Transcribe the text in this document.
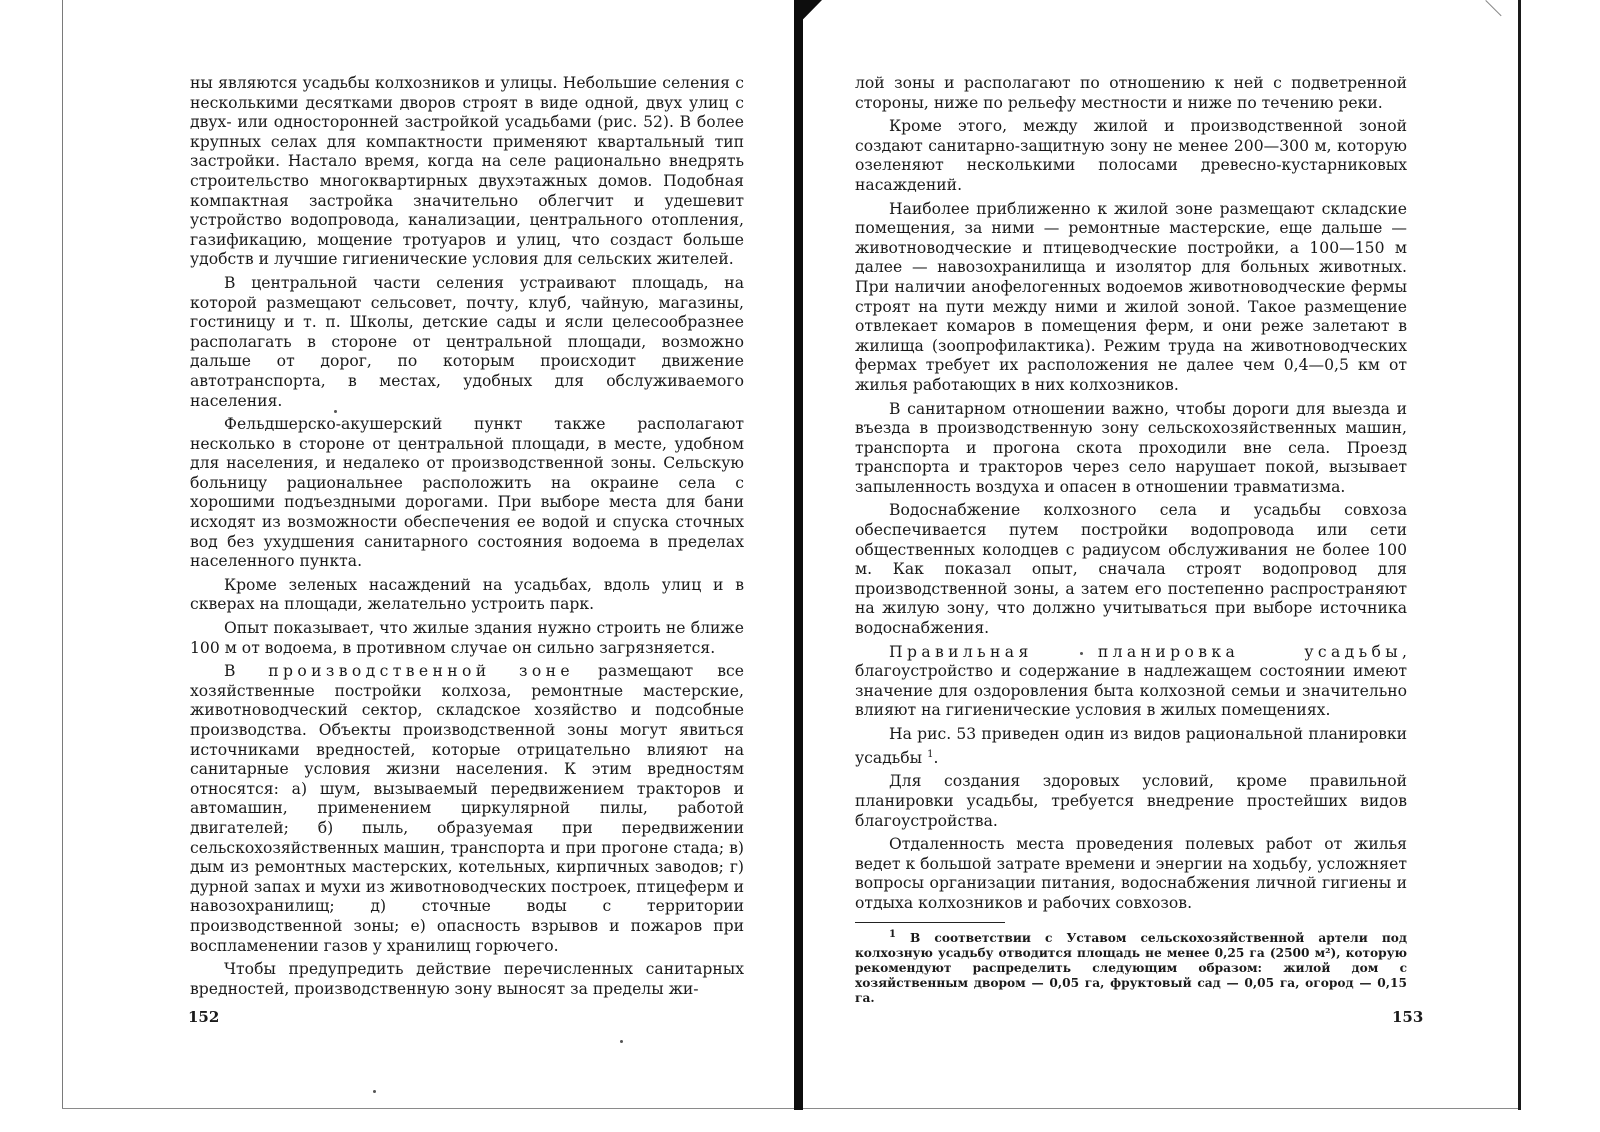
ны являются усадьбы колхозников и улицы. Небольшие селения с несколькими десятками дворов строят в виде одной, двух улиц с двух- или односторонней застройкой усадьбами (рис. 52). В более крупных селах для компактности применяют квартальный тип застройки. Настало время, когда на селе рационально внедрять строительство многоквартирных двухэтажных домов. Подобная компактная застройка значительно облегчит и удешевит устройство водопровода, канализации, центрального отопления, газификацию, мощение тротуаров и улиц, что создаст больше удобств и лучшие гигиенические условия для сельских жителей.

В центральной части селения устраивают площадь, на которой размещают сельсовет, почту, клуб, чайную, магазины, гостиницу и т. п. Школы, детские сады и ясли целесообразнее располагать в стороне от центральной площади, возможно дальше от дорог, по которым происходит движение автотранспорта, в местах, удобных для обслуживаемого населения.

Фельдшерско-акушерский пункт также располагают несколько в стороне от центральной площади, в месте, удобном для населения, и недалеко от производственной зоны. Сельскую больницу рациональнее расположить на окраине села с хорошими подъездными дорогами. При выборе места для бани исходят из возможности обеспечения ее водой и спуска сточных вод без ухудшения санитарного состояния водоема в пределах населенного пункта.

Кроме зеленых насаждений на усадьбах, вдоль улиц и в скверах на площади, желательно устроить парк.

Опыт показывает, что жилые здания нужно строить не ближе 100 м от водоема, в противном случае он сильно загрязняется.

В производственной зоне размещают все хозяйственные постройки колхоза, ремонтные мастерские, животноводческий сектор, складское хозяйство и подсобные производства. Объекты производственной зоны могут явиться источниками вредностей, которые отрицательно влияют на санитарные условия жизни населения. К этим вредностям относятся: а) шум, вызываемый передвижением тракторов и автомашин, применением циркулярной пилы, работой двигателей; б) пыль, образуемая при передвижении сельскохозяйственных машин, транспорта и при прогоне стада; в) дым из ремонтных мастерских, котельных, кирпичных заводов; г) дурной запах и мухи из животноводческих построек, птицеферм и навозохранилищ; д) сточные воды с территории производственной зоны; е) опасность взрывов и пожаров при воспламенении газов у хранилищ горючего.

Чтобы предупредить действие перечисленных санитарных вредностей, производственную зону выносят за пределы жи-

152

лой зоны и располагают по отношению к ней с подветренной стороны, ниже по рельефу местности и ниже по течению реки.

Кроме этого, между жилой и производственной зоной создают санитарно-защитную зону не менее 200—300 м, которую озеленяют несколькими полосами древесно-кустарниковых насаждений.

Наиболее приближенно к жилой зоне размещают складские помещения, за ними — ремонтные мастерские, еще дальше — животноводческие и птицеводческие постройки, а 100—150 м далее — навозохранилища и изолятор для больных животных. При наличии анофелогенных водоемов животноводческие фермы строят на пути между ними и жилой зоной. Такое размещение отвлекает комаров в помещения ферм, и они реже залетают в жилища (зоопрофилактика). Режим труда на животноводческих фермах требует их расположения не далее чем 0,4—0,5 км от жилья работающих в них колхозников.

В санитарном отношении важно, чтобы дороги для выезда и въезда в производственную зону сельскохозяйственных машин, транспорта и прогона скота проходили вне села. Проезд транспорта и тракторов через село нарушает покой, вызывает запыленность воздуха и опасен в отношении травматизма.

Водоснабжение колхозного села и усадьбы совхоза обеспечивается путем постройки водопровода или сети общественных колодцев с радиусом обслуживания не более 100 м. Как показал опыт, сначала строят водопровод для производственной зоны, а затем его постепенно распространяют на жилую зону, что должно учитываться при выборе источника водоснабжения.

Правильная планировка усадьбы, благоустройство и содержание в надлежащем состоянии имеют значение для оздоровления быта колхозной семьи и значительно влияют на гигиенические условия в жилых помещениях.

На рис. 53 приведен один из видов рациональной планировки усадьбы $^1$.

Для создания здоровых условий, кроме правильной планировки усадьбы, требуется внедрение простейших видов благоустройства.

Отдаленность места проведения полевых работ от жилья ведет к большой затрате времени и энергии на ходьбу, усложняет вопросы организации питания, водоснабжения личной гигиены и отдыха колхозников и рабочих совхозов.

$^1$ В соответствии с Уставом сельскохозяйственной артели под колхозную усадьбу отводится площадь не менее 0,25 га (2500 м²), которую рекомендуют распределить следующим образом: жилой дом с хозяйственным двором — 0,05 га, фруктовый сад — 0,05 га, огород — 0,15 га.

153
